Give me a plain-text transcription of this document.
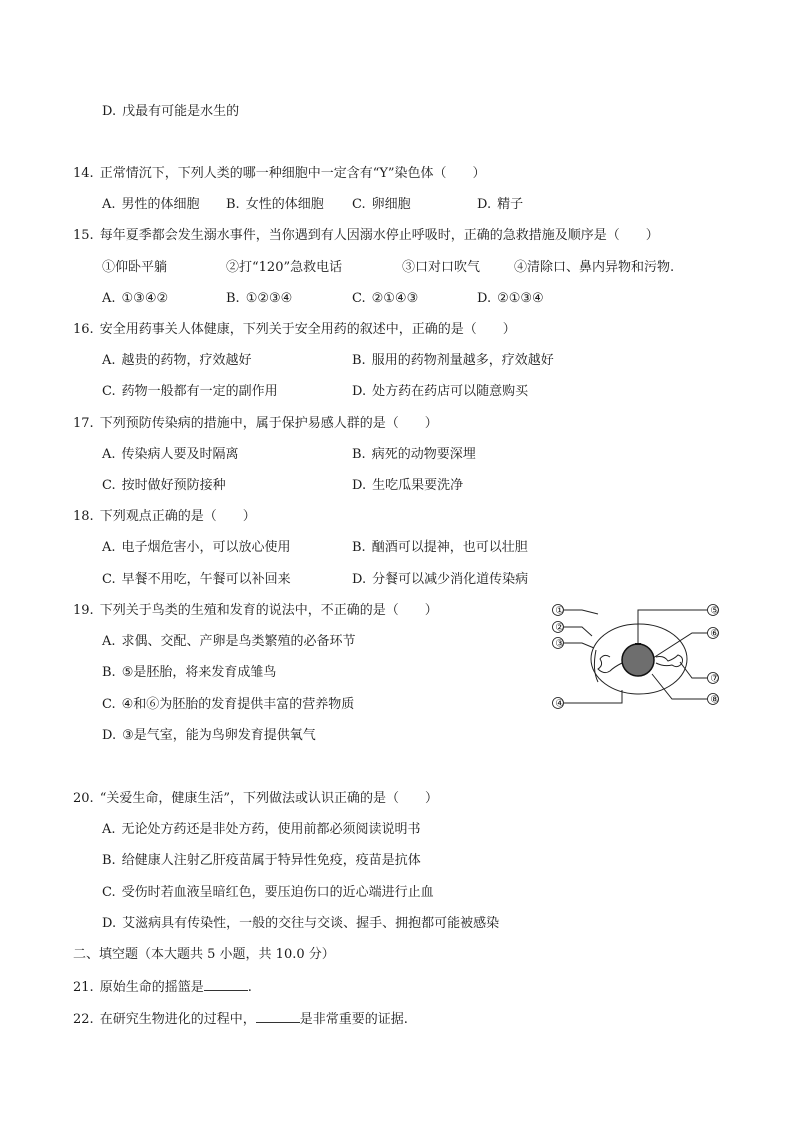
D. 戊最有可能是水生的
14. 正常情沉下，下列人类的哪一种细胞中一定含有“Y”染色体（　　）
A. 男性的体细胞 B. 女性的体细胞 C. 卵细胞	D. 精子
15. 每年夏季都会发生溺水事件，当你遇到有人因溺水停止呼吸时，正确的急救措施及顺序是（　　）
①仰卧平躺	②打“120”急救电话	③口对口吹气	④清除口、鼻内异物和污物.
A. ①③④②	B. ①②③④	C. ②①④③	D. ②①③④
16. 安全用药事关人体健康，下列关于安全用药的叙述中，正确的是（　　）
A. 越贵的药物，疗效越好	B. 服用的药物剂量越多，疗效越好
C. 药物一般都有一定的副作用	D. 处方药在药店可以随意购买
17. 下列预防传染病的措施中，属于保护易感人群的是（　　）
A. 传染病人要及时隔离	B. 病死的动物要深埋
C. 按时做好预防接种	D. 生吃瓜果要洗净
18. 下列观点正确的是（　　）
A. 电子烟危害小，可以放心使用	B. 酗酒可以提神，也可以壮胆
C. 早餐不用吃，午餐可以补回来	D. 分餐可以减少消化道传染病
19. 下列关于鸟类的生殖和发育的说法中，不正确的是（　　）
A. 求偶、交配、产卵是鸟类繁殖的必备环节
B. ⑤是胚胎，将来发育成雏鸟
C. ④和⑥为胚胎的发育提供丰富的营养物质
D. ③是气室，能为鸟卵发育提供氧气
①
②
③
④
⑤
⑥
⑦
⑧
20. “关爱生命，健康生活”，下列做法或认识正确的是（　　）
A. 无论处方药还是非处方药，使用前都必须阅读说明书
B. 给健康人注射乙肝疫苗属于特异性免疫，疫苗是抗体
C. 受伤时若血液呈暗红色，要压迫伤口的近心端进行止血
D. 艾滋病具有传染性，一般的交往与交谈、握手、拥抱都可能被感染
二、填空题（本大题共 5 小题，共 10.0 分）
21. 原始生命的摇篮是	.
22. 在研究生物进化的过程中，	是非常重要的证据.
